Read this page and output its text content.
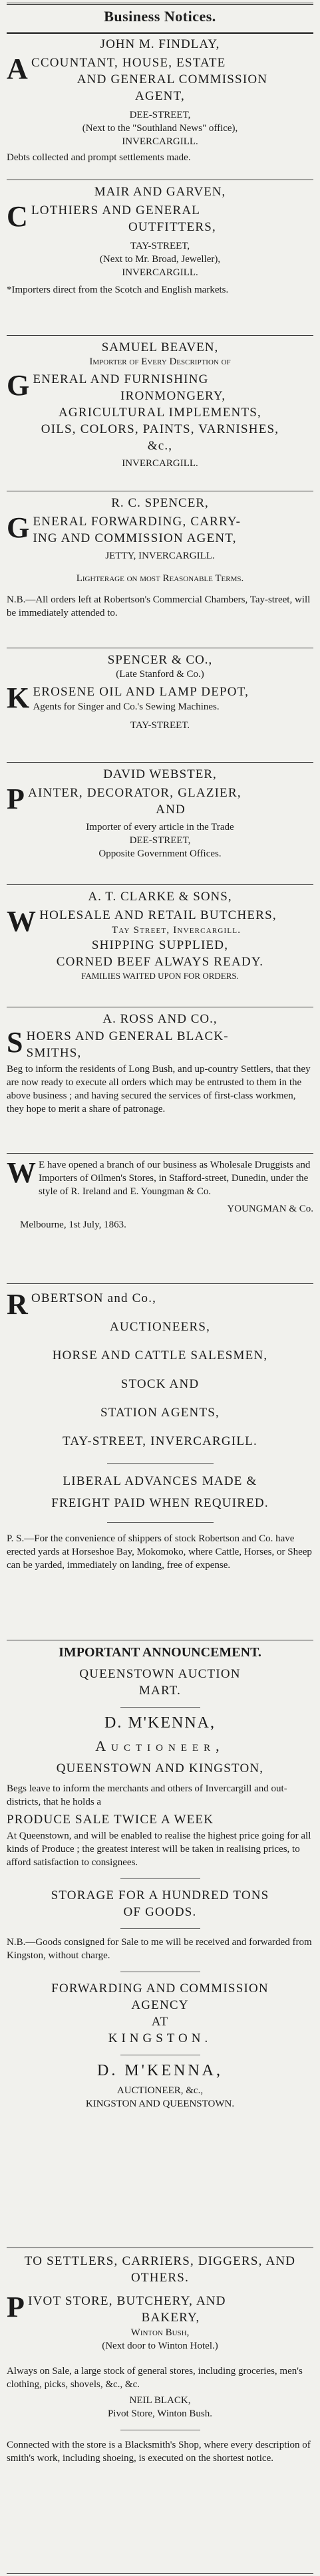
Business Notices.
JOHN M. FINDLAY,
A CCOUNTANT, HOUSE, ESTATE

AND GENERAL COMMISSION

AGENT,

DEE-STREET,

(Next to the "Southland News" office),

INVERCARGILL.

Debts collected and prompt settlements made.

MAIR AND GARVEN,
C LOTHIERS AND GENERAL

OUTFITTERS,

TAY-STREET,

(Next to Mr. Broad, Jeweller),

INVERCARGILL.

*Importers direct from the Scotch and English markets.

SAMUEL BEAVEN,

Importer of Every Description of

G ENERAL AND FURNISHING

IRONMONGERY,

AGRICULTURAL IMPLEMENTS,

OILS, COLORS, PAINTS, VARNISHES,

&c.,

INVERCARGILL.

R. C. SPENCER,
G ENERAL FORWARDING, CARRY-

ING AND COMMISSION AGENT,

JETTY, INVERCARGILL.

Lighterage on most Reasonable Terms.

N.B.—All orders left at Robertson's Commercial Chambers, Tay-street, will be immediately attended to.

SPENCER & CO.,

(Late Stanford & Co.)

K EROSENE OIL AND LAMP DEPOT,

Agents for Singer and Co.'s Sewing Machines.

TAY-STREET.

DAVID WEBSTER,
P AINTER, DECORATOR, GLAZIER,

AND

Importer of every article in the Trade

DEE-STREET,

Opposite Government Offices.

A. T. CLARKE & SONS,
W HOLESALE AND RETAIL BUTCHERS,

Tay Street, Invercargill.

SHIPPING SUPPLIED,

CORNED BEEF ALWAYS READY.

FAMILIES WAITED UPON FOR ORDERS.

A. ROSS AND CO.,
S HOERS AND GENERAL BLACK-

SMITHS,

Beg to inform the residents of Long Bush, and up-country Settlers, that they are now ready to execute all orders which may be entrusted to them in the above business ; and having secured the services of first-class workmen, they hope to merit a share of patronage.

W E have opened a branch of our business as Wholesale Druggists and Importers of Oilmen's Stores, in Stafford-street, Dunedin, under the style of R. Ireland and E. Youngman & Co.

YOUNGMAN & Co.

Melbourne, 1st July, 1863.

R OBERTSON and Co.,

AUCTIONEERS,

HORSE AND CATTLE SALESMEN,

STOCK AND

STATION AGENTS,

TAY-STREET, INVERCARGILL.

LIBERAL ADVANCES MADE &

FREIGHT PAID WHEN REQUIRED.

P. S.—For the convenience of shippers of stock Robertson and Co. have erected yards at Horseshoe Bay, Mokomoko, where Cattle, Horses, or Sheep can be yarded, immediately on landing, free of expense.

IMPORTANT ANNOUNCEMENT.

QUEENSTOWN AUCTION

MART.

D. M'KENNA,

Auctioneer,

QUEENSTOWN AND KINGSTON,

Begs leave to inform the merchants and others of Invercargill and out-districts, that he holds a

PRODUCE SALE TWICE A WEEK

At Queenstown, and will be enabled to realise the highest price going for all kinds of Produce ; the greatest interest will be taken in realising prices, to afford satisfaction to consignees.

STORAGE FOR A HUNDRED TONS

OF GOODS.

N.B.—Goods consigned for Sale to me will be received and forwarded from Kingston, without charge.

FORWARDING AND COMMISSION

AGENCY

AT

KINGSTON.

D. M'KENNA,

AUCTIONEER, &c.,

KINGSTON AND QUEENSTOWN.

TO SETTLERS, CARRIERS, DIGGERS, AND OTHERS.

P IVOT STORE, BUTCHERY, AND

BAKERY,

Winton Bush,

(Next door to Winton Hotel.)

Always on Sale, a large stock of general stores, including groceries, men's clothing, picks, shovels, &c., &c.

NEIL BLACK,

Pivot Store, Winton Bush.

Connected with the store is a Blacksmith's Shop, where every description of smith's work, including shoeing, is executed on the shortest notice.
